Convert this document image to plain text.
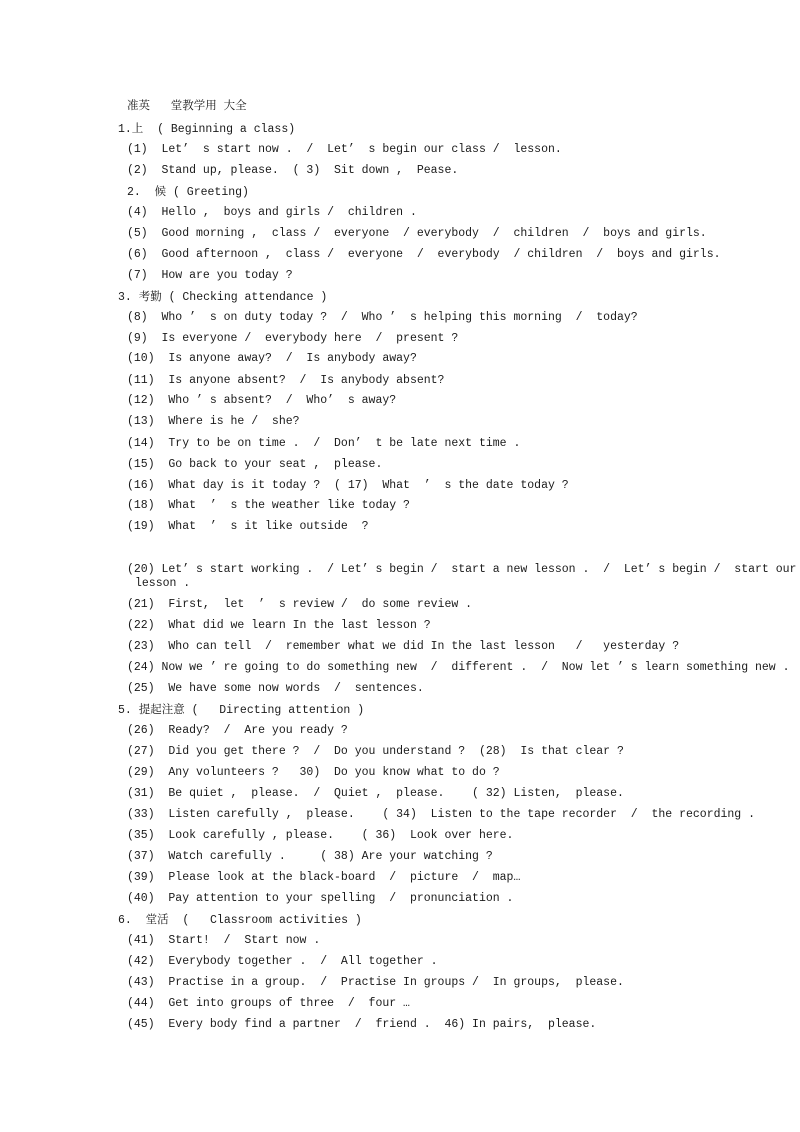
准英   堂教学用 大全
1.上  ( Beginning a class)
(1)  Let’  s start now .  /  Let’  s begin our class /  lesson.
(2)  Stand up, please.  ( 3)  Sit down ,  Pease.
2.  候 ( Greeting)
(4)  Hello ,  boys and girls /  children .
(5)  Good morning ,  class /  everyone  / everybody  /  children  /  boys and girls.
(6)  Good afternoon ,  class /  everyone  /  everybody  / children  /  boys and girls.
(7)  How are you today ?
3. 考勤 ( Checking attendance )
(8)  Who ’  s on duty today ?  /  Who ’  s helping this morning  /  today?
(9)  Is everyone /  everybody here  /  present ?
(10)  Is anyone away?  /  Is anybody away?
(11)  Is anyone absent?  /  Is anybody absent?
(12)  Who ’ s absent?  /  Who’  s away?
(13)  Where is he /  she?
(14)  Try to be on time .  /  Don’  t be late next time .
(15)  Go back to your seat ,  please.
(16)  What day is it today ?  ( 17)  What  ’  s the date today ?
(18)  What  ’  s the weather like today ?
(19)  What  ’  s it like outside  ?
(20) Let’ s start working .  / Let’ s begin /  start a new lesson .  /  Let’ s begin /  start our
lesson .
(21)  First,  let  ’  s review /  do some review .
(22)  What did we learn In the last lesson ?
(23)  Who can tell  /  remember what we did In the last lesson   /   yesterday ?
(24) Now we ’ re going to do something new  /  different .  /  Now let ’ s learn something new .
(25)  We have some now words  /  sentences.
5. 提起注意 (   Directing attention )
(26)  Ready?  /  Are you ready ?
(27)  Did you get there ?  /  Do you understand ?  (28)  Is that clear ?
(29)  Any volunteers ?   30)  Do you know what to do ?
(31)  Be quiet ,  please.  /  Quiet ,  please.    ( 32) Listen,  please.
(33)  Listen carefully ,  please.    ( 34)  Listen to the tape recorder  /  the recording .
(35)  Look carefully , please.    ( 36)  Look over here.
(37)  Watch carefully .     ( 38) Are your watching ?
(39)  Please look at the black-board  /  picture  /  map…
(40)  Pay attention to your spelling  /  pronunciation .
6.  堂活  (   Classroom activities )
(41)  Start!  /  Start now .
(42)  Everybody together .  /  All together .
(43)  Practise in a group.  /  Practise In groups /  In groups,  please.
(44)  Get into groups of three  /  four …
(45)  Every body find a partner  /  friend .  46) In pairs,  please.
